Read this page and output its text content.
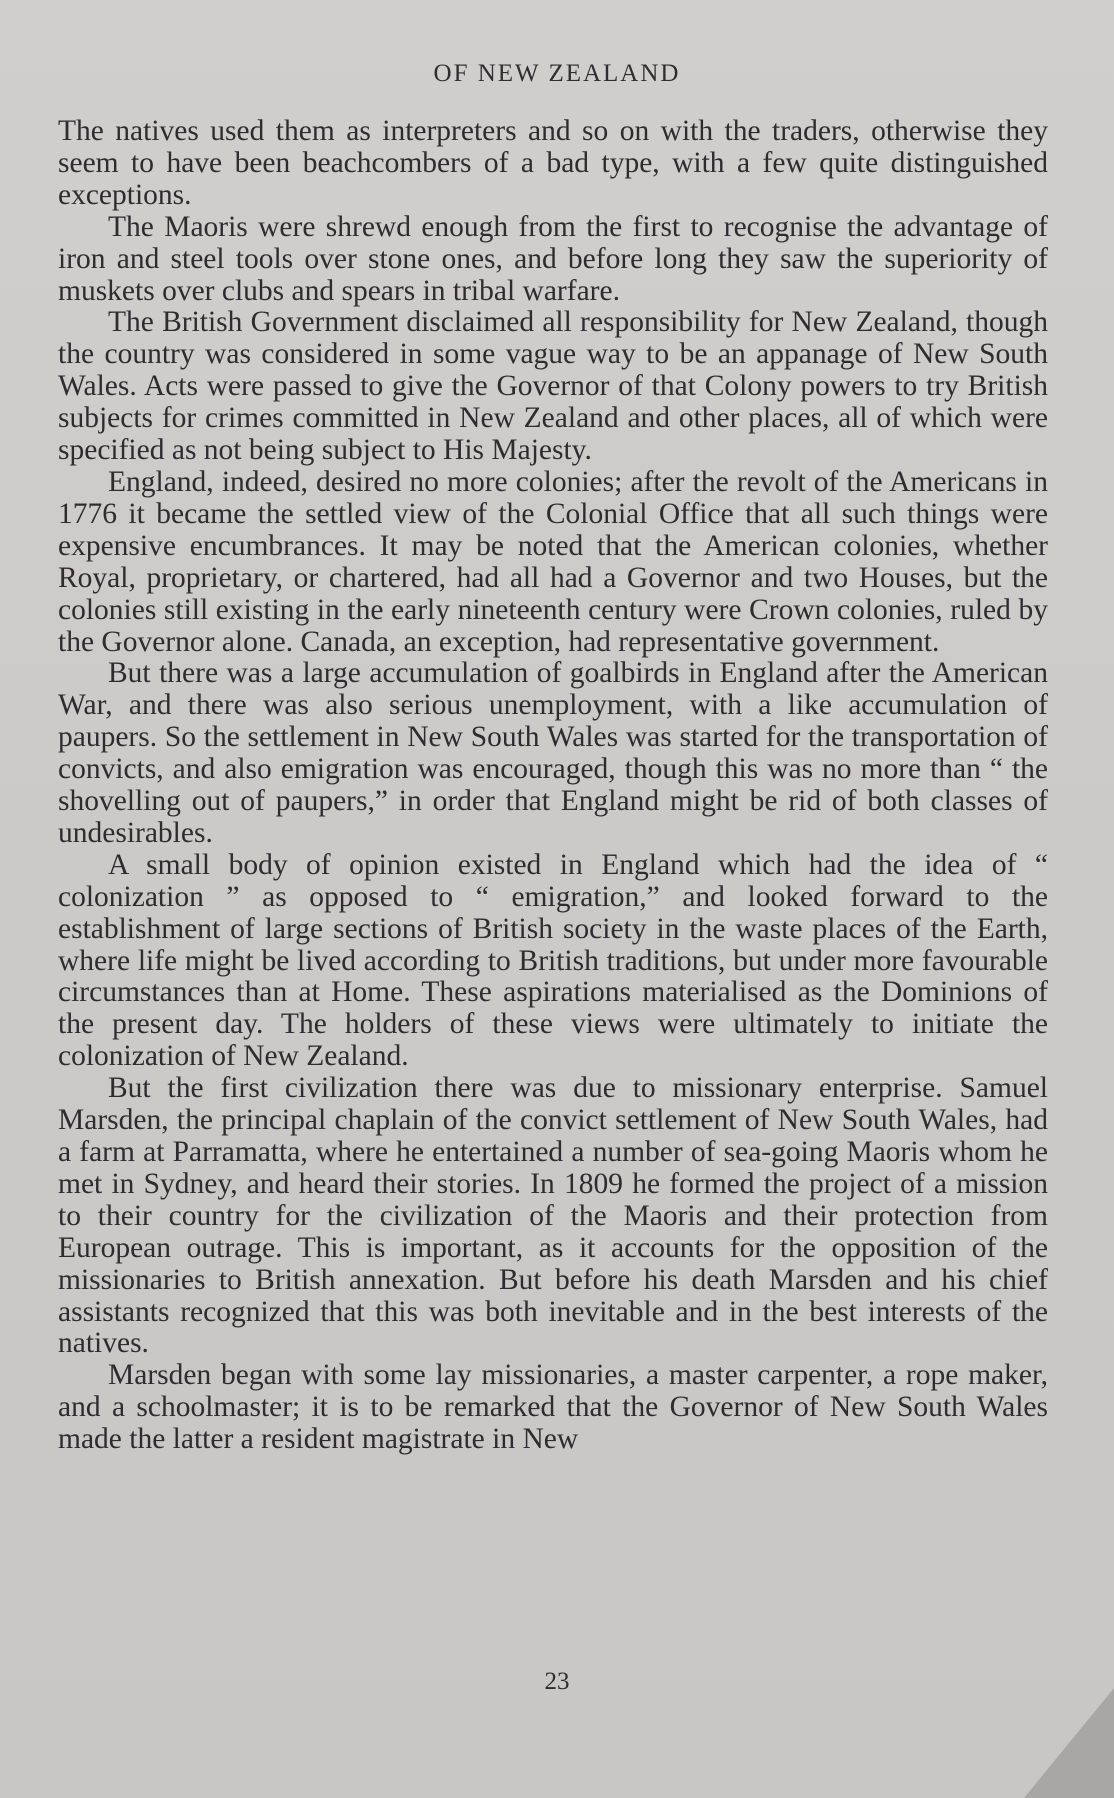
OF NEW ZEALAND

The natives used them as interpreters and so on with the traders, otherwise they seem to have been beachcombers of a bad type, with a few quite distinguished exceptions.

The Maoris were shrewd enough from the first to recognise the advantage of iron and steel tools over stone ones, and before long they saw the superiority of muskets over clubs and spears in tribal warfare.

The British Government disclaimed all responsibility for New Zealand, though the country was considered in some vague way to be an appanage of New South Wales. Acts were passed to give the Governor of that Colony powers to try British subjects for crimes committed in New Zealand and other places, all of which were specified as not being subject to His Majesty.

England, indeed, desired no more colonies; after the revolt of the Americans in 1776 it became the settled view of the Colonial Office that all such things were expensive encumbrances. It may be noted that the American colonies, whether Royal, proprietary, or chartered, had all had a Governor and two Houses, but the colonies still existing in the early nineteenth century were Crown colonies, ruled by the Governor alone. Canada, an exception, had representative government.

But there was a large accumulation of goalbirds in England after the American War, and there was also serious unemployment, with a like accumulation of paupers. So the settlement in New South Wales was started for the transportation of convicts, and also emigration was encouraged, though this was no more than “ the shovelling out of paupers,” in order that England might be rid of both classes of undesirables.

A small body of opinion existed in England which had the idea of “ colonization ” as opposed to “ emigration,” and looked forward to the establishment of large sections of British society in the waste places of the Earth, where life might be lived according to British traditions, but under more favourable circumstances than at Home. These aspirations materialised as the Dominions of the present day. The holders of these views were ultimately to initiate the colonization of New Zealand.

But the first civilization there was due to missionary enterprise. Samuel Marsden, the principal chaplain of the convict settlement of New South Wales, had a farm at Parramatta, where he entertained a number of sea-going Maoris whom he met in Sydney, and heard their stories. In 1809 he formed the project of a mission to their country for the civilization of the Maoris and their protection from European outrage. This is important, as it accounts for the opposition of the missionaries to British annexation. But before his death Marsden and his chief assistants recognized that this was both inevitable and in the best interests of the natives.

Marsden began with some lay missionaries, a master carpenter, a rope maker, and a schoolmaster; it is to be remarked that the Governor of New South Wales made the latter a resident magistrate in New

23
